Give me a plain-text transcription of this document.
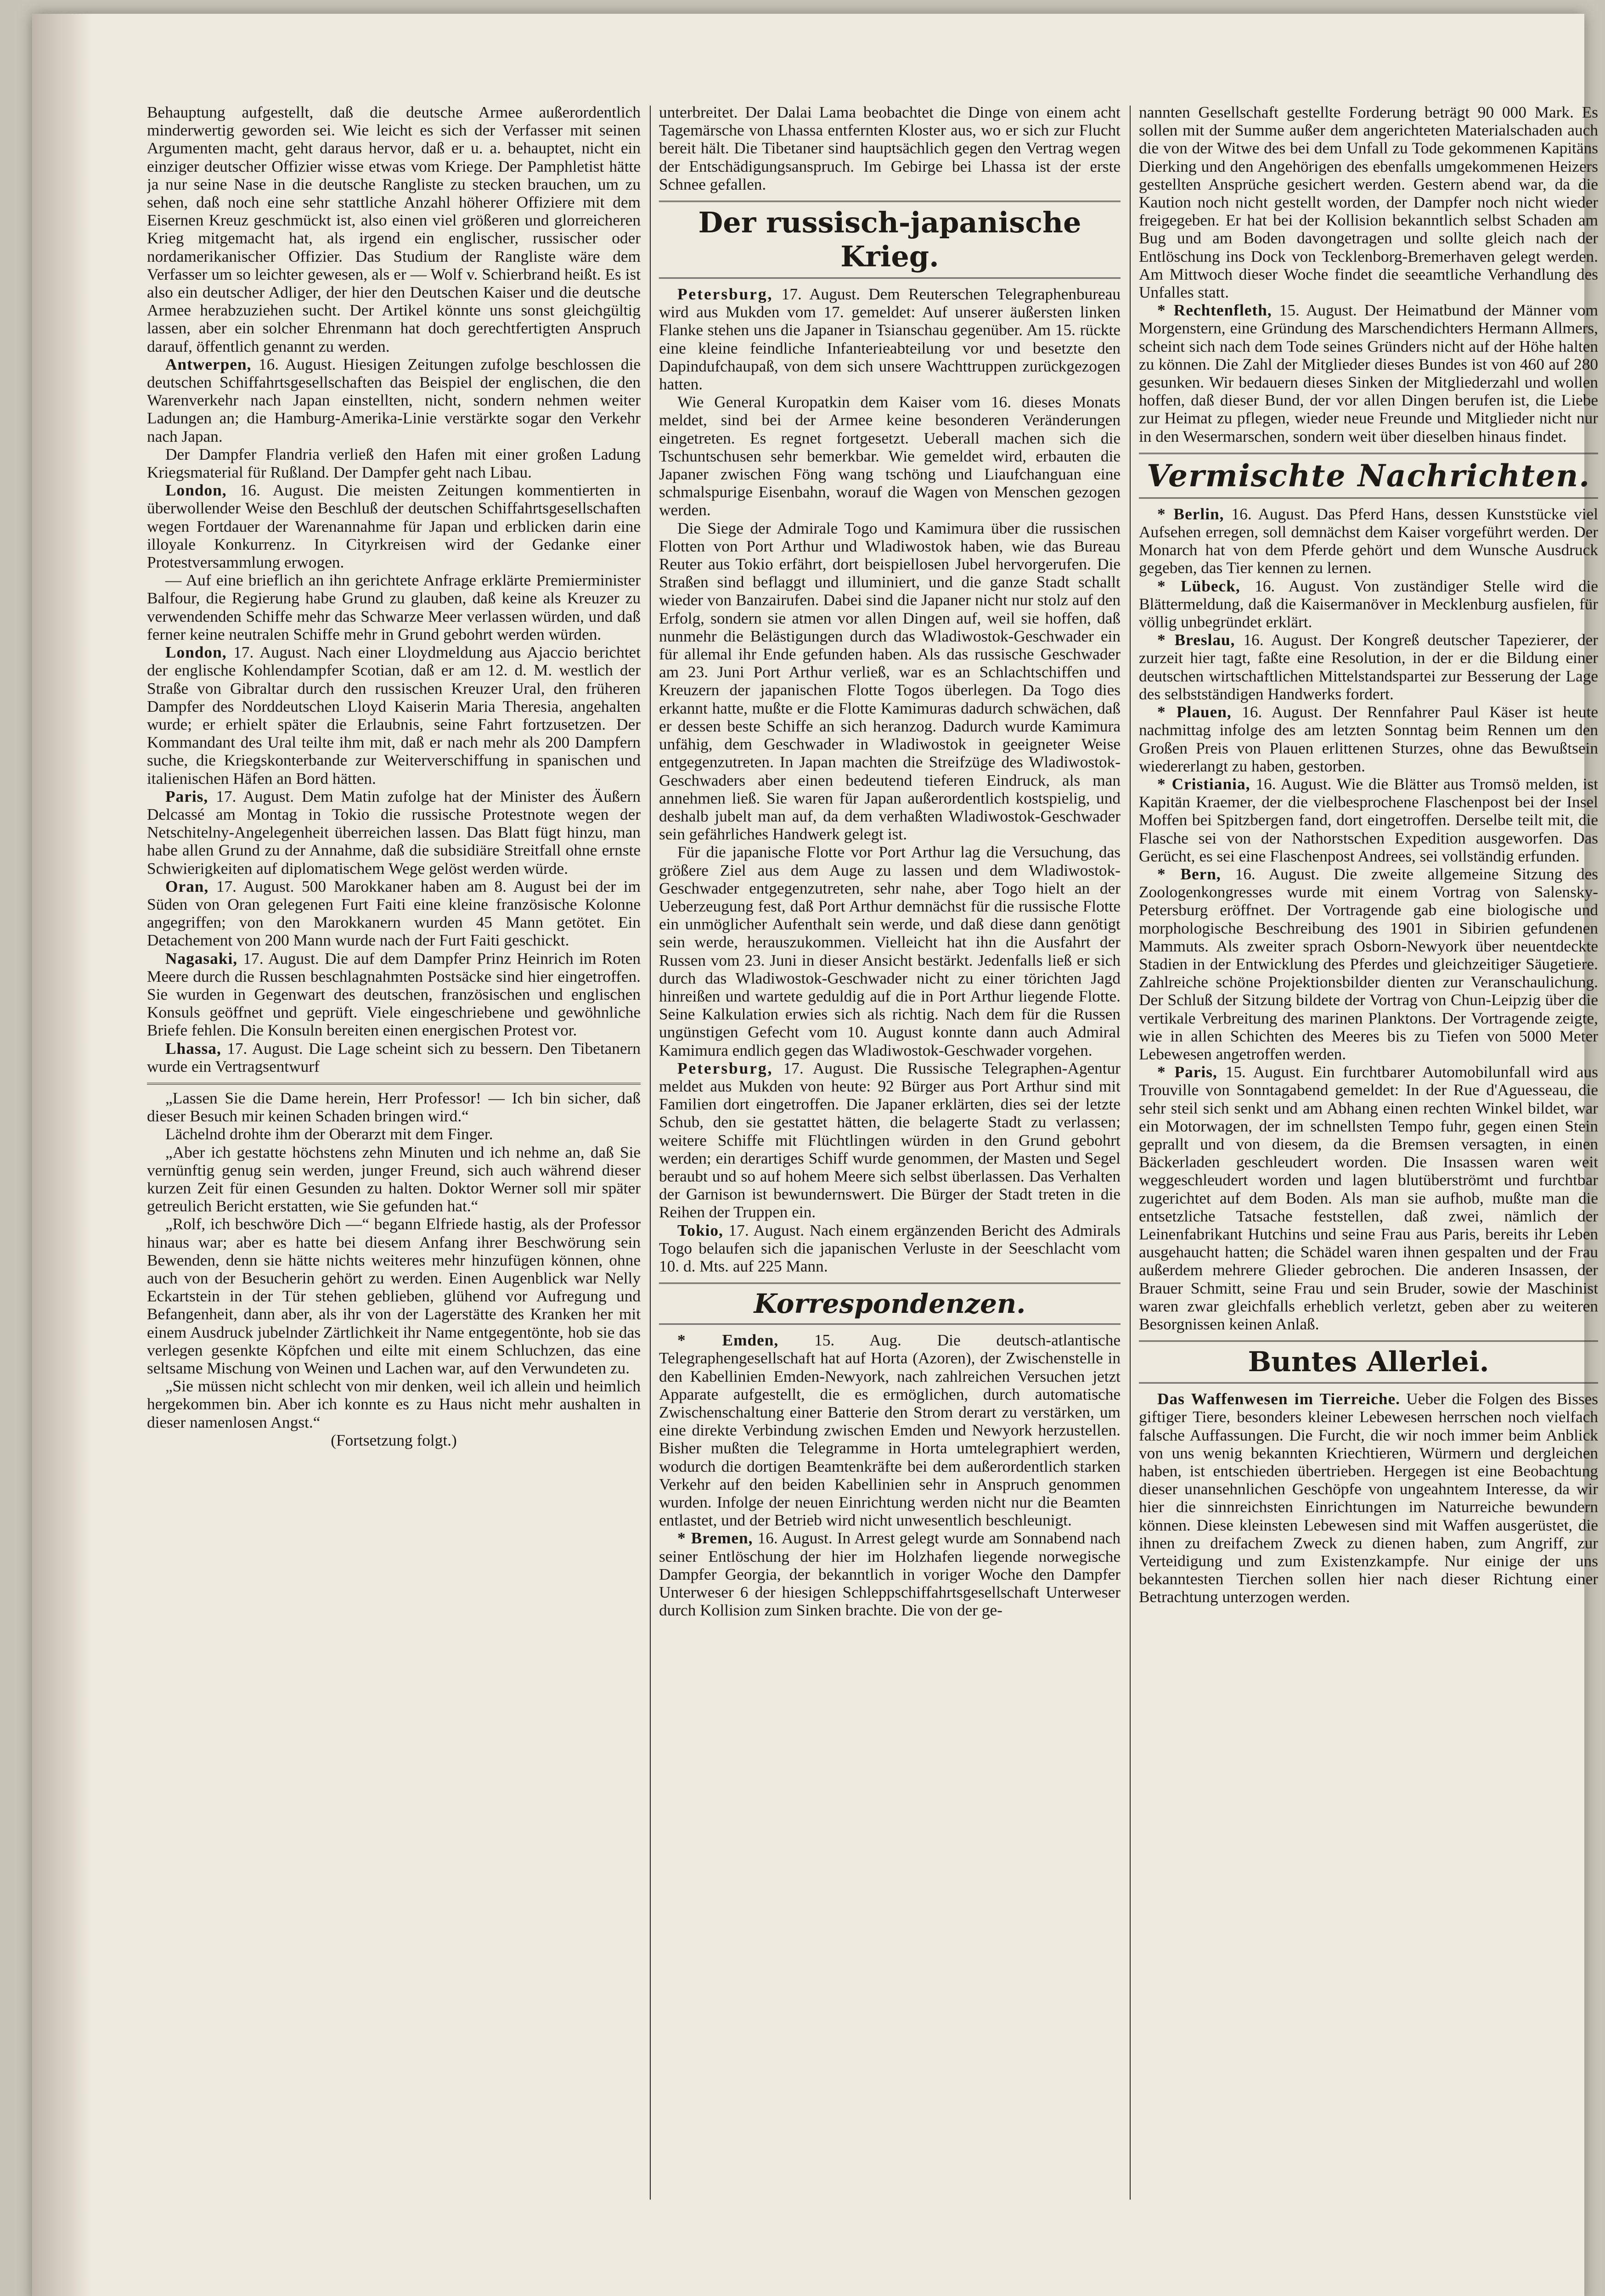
Behauptung aufgestellt, daß die deutsche Armee außerordentlich minderwertig geworden sei. Wie leicht es sich der Verfasser mit seinen Argumenten macht, geht daraus hervor, daß er u. a. behauptet, nicht ein einziger deutscher Offizier wisse etwas vom Kriege. Der Pamphletist hätte ja nur seine Nase in die deutsche Rangliste zu stecken brauchen, um zu sehen, daß noch eine sehr stattliche Anzahl höherer Offiziere mit dem Eisernen Kreuz geschmückt ist, also einen viel größeren und glorreicheren Krieg mitgemacht hat, als irgend ein englischer, russischer oder nordamerikanischer Offizier. Das Studium der Rangliste wäre dem Verfasser um so leichter gewesen, als er — Wolf v. Schierbrand heißt. Es ist also ein deutscher Adliger, der hier den Deutschen Kaiser und die deutsche Armee herabzuziehen sucht. Der Artikel könnte uns sonst gleichgültig lassen, aber ein solcher Ehrenmann hat doch gerechtfertigten Anspruch darauf, öffentlich genannt zu werden.

Antwerpen, 16. August. Hiesigen Zeitungen zufolge beschlossen die deutschen Schiffahrtsgesellschaften das Beispiel der englischen, die den Warenverkehr nach Japan einstellten, nicht, sondern nehmen weiter Ladungen an; die Hamburg-Amerika-Linie verstärkte sogar den Verkehr nach Japan.

Der Dampfer Flandria verließ den Hafen mit einer großen Ladung Kriegsmaterial für Rußland. Der Dampfer geht nach Libau.

London, 16. August. Die meisten Zeitungen kommentierten in überwollender Weise den Beschluß der deutschen Schiffahrtsgesellschaften wegen Fortdauer der Warenannahme für Japan und erblicken darin eine illoyale Konkurrenz. In Cityrkreisen wird der Gedanke einer Protestversammlung erwogen.

— Auf eine brieflich an ihn gerichtete Anfrage erklärte Premierminister Balfour, die Regierung habe Grund zu glauben, daß keine als Kreuzer zu verwendenden Schiffe mehr das Schwarze Meer verlassen würden, und daß ferner keine neutralen Schiffe mehr in Grund gebohrt werden würden.

London, 17. August. Nach einer Lloydmeldung aus Ajaccio berichtet der englische Kohlendampfer Scotian, daß er am 12. d. M. westlich der Straße von Gibraltar durch den russischen Kreuzer Ural, den früheren Dampfer des Norddeutschen Lloyd Kaiserin Maria Theresia, angehalten wurde; er erhielt später die Erlaubnis, seine Fahrt fortzusetzen. Der Kommandant des Ural teilte ihm mit, daß er nach mehr als 200 Dampfern suche, die Kriegskonterbande zur Weiterverschiffung in spanischen und italienischen Häfen an Bord hätten.

Paris, 17. August. Dem Matin zufolge hat der Minister des Äußern Delcassé am Montag in Tokio die russische Protestnote wegen der Netschitelny-Angelegenheit überreichen lassen. Das Blatt fügt hinzu, man habe allen Grund zu der Annahme, daß die subsidiäre Streitfall ohne ernste Schwierigkeiten auf diplomatischem Wege gelöst werden würde.

Oran, 17. August. 500 Marokkaner haben am 8. August bei der im Süden von Oran gelegenen Furt Faiti eine kleine französische Kolonne angegriffen; von den Marokkanern wurden 45 Mann getötet. Ein Detachement von 200 Mann wurde nach der Furt Faiti geschickt.

Nagasaki, 17. August. Die auf dem Dampfer Prinz Heinrich im Roten Meere durch die Russen beschlagnahmten Postsäcke sind hier eingetroffen. Sie wurden in Gegenwart des deutschen, französischen und englischen Konsuls geöffnet und geprüft. Viele eingeschriebene und gewöhnliche Briefe fehlen. Die Konsuln bereiten einen energischen Protest vor.

Lhassa, 17. August. Die Lage scheint sich zu bessern. Den Tibetanern wurde ein Vertragsentwurf

„Lassen Sie die Dame herein, Herr Professor! — Ich bin sicher, daß dieser Besuch mir keinen Schaden bringen wird.“

Lächelnd drohte ihm der Oberarzt mit dem Finger.

„Aber ich gestatte höchstens zehn Minuten und ich nehme an, daß Sie vernünftig genug sein werden, junger Freund, sich auch während dieser kurzen Zeit für einen Gesunden zu halten. Doktor Werner soll mir später getreulich Bericht erstatten, wie Sie gefunden hat.“

„Rolf, ich beschwöre Dich —“ begann Elfriede hastig, als der Professor hinaus war; aber es hatte bei diesem Anfang ihrer Beschwörung sein Bewenden, denn sie hätte nichts weiteres mehr hinzufügen können, ohne auch von der Besucherin gehört zu werden. Einen Augenblick war Nelly Eckartstein in der Tür stehen geblieben, glühend vor Aufregung und Befangenheit, dann aber, als ihr von der Lagerstätte des Kranken her mit einem Ausdruck jubelnder Zärtlichkeit ihr Name entgegentönte, hob sie das verlegen gesenkte Köpfchen und eilte mit einem Schluchzen, das eine seltsame Mischung von Weinen und Lachen war, auf den Verwundeten zu.

„Sie müssen nicht schlecht von mir denken, weil ich allein und heimlich hergekommen bin. Aber ich konnte es zu Haus nicht mehr aushalten in dieser namenlosen Angst.“

(Fortsetzung folgt.)

unterbreitet. Der Dalai Lama beobachtet die Dinge von einem acht Tagemärsche von Lhassa entfernten Kloster aus, wo er sich zur Flucht bereit hält. Die Tibetaner sind hauptsächlich gegen den Vertrag wegen der Entschädigungsanspruch. Im Gebirge bei Lhassa ist der erste Schnee gefallen.

Der russisch-japanische Krieg.

Petersburg, 17. August. Dem Reuterschen Telegraphenbureau wird aus Mukden vom 17. gemeldet: Auf unserer äußersten linken Flanke stehen uns die Japaner in Tsianschau gegenüber. Am 15. rückte eine kleine feindliche Infanterieabteilung vor und besetzte den Dapindufchaupaß, von dem sich unsere Wachttruppen zurückgezogen hatten.

Wie General Kuropatkin dem Kaiser vom 16. dieses Monats meldet, sind bei der Armee keine besonderen Veränderungen eingetreten. Es regnet fortgesetzt. Ueberall machen sich die Tschuntschusen sehr bemerkbar. Wie gemeldet wird, erbauten die Japaner zwischen Föng wang tschöng und Liaufchanguan eine schmalspurige Eisenbahn, worauf die Wagen von Menschen gezogen werden.

Die Siege der Admirale Togo und Kamimura über die russischen Flotten von Port Arthur und Wladiwostok haben, wie das Bureau Reuter aus Tokio erfährt, dort beispiellosen Jubel hervorgerufen. Die Straßen sind beflaggt und illuminiert, und die ganze Stadt schallt wieder von Banzairufen. Dabei sind die Japaner nicht nur stolz auf den Erfolg, sondern sie atmen vor allen Dingen auf, weil sie hoffen, daß nunmehr die Belästigungen durch das Wladiwostok-Geschwader ein für allemal ihr Ende gefunden haben. Als das russische Geschwader am 23. Juni Port Arthur verließ, war es an Schlachtschiffen und Kreuzern der japanischen Flotte Togos überlegen. Da Togo dies erkannt hatte, mußte er die Flotte Kamimuras dadurch schwächen, daß er dessen beste Schiffe an sich heranzog. Dadurch wurde Kamimura unfähig, dem Geschwader in Wladiwostok in geeigneter Weise entgegenzutreten. In Japan machten die Streifzüge des Wladiwostok-Geschwaders aber einen bedeutend tieferen Eindruck, als man annehmen ließ. Sie waren für Japan außerordentlich kostspielig, und deshalb jubelt man auf, da dem verhaßten Wladiwostok-Geschwader sein gefährliches Handwerk gelegt ist.

Für die japanische Flotte vor Port Arthur lag die Versuchung, das größere Ziel aus dem Auge zu lassen und dem Wladiwostok-Geschwader entgegenzutreten, sehr nahe, aber Togo hielt an der Ueberzeugung fest, daß Port Arthur demnächst für die russische Flotte ein unmöglicher Aufenthalt sein werde, und daß diese dann genötigt sein werde, herauszukommen. Vielleicht hat ihn die Ausfahrt der Russen vom 23. Juni in dieser Ansicht bestärkt. Jedenfalls ließ er sich durch das Wladiwostok-Geschwader nicht zu einer törichten Jagd hinreißen und wartete geduldig auf die in Port Arthur liegende Flotte. Seine Kalkulation erwies sich als richtig. Nach dem für die Russen ungünstigen Gefecht vom 10. August konnte dann auch Admiral Kamimura endlich gegen das Wladiwostok-Geschwader vorgehen.

Petersburg, 17. August. Die Russische Telegraphen-Agentur meldet aus Mukden von heute: 92 Bürger aus Port Arthur sind mit Familien dort eingetroffen. Die Japaner erklärten, dies sei der letzte Schub, den sie gestattet hätten, die belagerte Stadt zu verlassen; weitere Schiffe mit Flüchtlingen würden in den Grund gebohrt werden; ein derartiges Schiff wurde genommen, der Masten und Segel beraubt und so auf hohem Meere sich selbst überlassen. Das Verhalten der Garnison ist bewundernswert. Die Bürger der Stadt treten in die Reihen der Truppen ein.

Tokio, 17. August. Nach einem ergänzenden Bericht des Admirals Togo belaufen sich die japanischen Verluste in der Seeschlacht vom 10. d. Mts. auf 225 Mann.

Korrespondenzen.

* Emden, 15. Aug. Die deutsch-atlantische Telegraphengesellschaft hat auf Horta (Azoren), der Zwischenstelle in den Kabellinien Emden-Newyork, nach zahlreichen Versuchen jetzt Apparate aufgestellt, die es ermöglichen, durch automatische Zwischenschaltung einer Batterie den Strom derart zu verstärken, um eine direkte Verbindung zwischen Emden und Newyork herzustellen. Bisher mußten die Telegramme in Horta umtelegraphiert werden, wodurch die dortigen Beamtenkräfte bei dem außerordentlich starken Verkehr auf den beiden Kabellinien sehr in Anspruch genommen wurden. Infolge der neuen Einrichtung werden nicht nur die Beamten entlastet, und der Betrieb wird nicht unwesentlich beschleunigt.

* Bremen, 16. August. In Arrest gelegt wurde am Sonnabend nach seiner Entlöschung der hier im Holzhafen liegende norwegische Dampfer Georgia, der bekanntlich in voriger Woche den Dampfer Unterweser 6 der hiesigen Schleppschiffahrtsgesellschaft Unterweser durch Kollision zum Sinken brachte. Die von der ge-

nannten Gesellschaft gestellte Forderung beträgt 90 000 Mark. Es sollen mit der Summe außer dem angerichteten Materialschaden auch die von der Witwe des bei dem Unfall zu Tode gekommenen Kapitäns Dierking und den Angehörigen des ebenfalls umgekommenen Heizers gestellten Ansprüche gesichert werden. Gestern abend war, da die Kaution noch nicht gestellt worden, der Dampfer noch nicht wieder freigegeben. Er hat bei der Kollision bekanntlich selbst Schaden am Bug und am Boden davongetragen und sollte gleich nach der Entlöschung ins Dock von Tecklenborg-Bremerhaven gelegt werden. Am Mittwoch dieser Woche findet die seeamtliche Verhandlung des Unfalles statt.

* Rechtenfleth, 15. August. Der Heimatbund der Männer vom Morgenstern, eine Gründung des Marschendichters Hermann Allmers, scheint sich nach dem Tode seines Gründers nicht auf der Höhe halten zu können. Die Zahl der Mitglieder dieses Bundes ist von 460 auf 280 gesunken. Wir bedauern dieses Sinken der Mitgliederzahl und wollen hoffen, daß dieser Bund, der vor allen Dingen berufen ist, die Liebe zur Heimat zu pflegen, wieder neue Freunde und Mitglieder nicht nur in den Wesermarschen, sondern weit über dieselben hinaus findet.

Vermischte Nachrichten.

* Berlin, 16. August. Das Pferd Hans, dessen Kunststücke viel Aufsehen erregen, soll demnächst dem Kaiser vorgeführt werden. Der Monarch hat von dem Pferde gehört und dem Wunsche Ausdruck gegeben, das Tier kennen zu lernen.

* Lübeck, 16. August. Von zuständiger Stelle wird die Blättermeldung, daß die Kaisermanöver in Mecklenburg ausfielen, für völlig unbegründet erklärt.

* Breslau, 16. August. Der Kongreß deutscher Tapezierer, der zurzeit hier tagt, faßte eine Resolution, in der er die Bildung einer deutschen wirtschaftlichen Mittelstandspartei zur Besserung der Lage des selbstständigen Handwerks fordert.

* Plauen, 16. August. Der Rennfahrer Paul Käser ist heute nachmittag infolge des am letzten Sonntag beim Rennen um den Großen Preis von Plauen erlittenen Sturzes, ohne das Bewußtsein wiedererlangt zu haben, gestorben.

* Cristiania, 16. August. Wie die Blätter aus Tromsö melden, ist Kapitän Kraemer, der die vielbesprochene Flaschenpost bei der Insel Moffen bei Spitzbergen fand, dort eingetroffen. Derselbe teilt mit, die Flasche sei von der Nathorstschen Expedition ausgeworfen. Das Gerücht, es sei eine Flaschenpost Andrees, sei vollständig erfunden.

* Bern, 16. August. Die zweite allgemeine Sitzung des Zoologenkongresses wurde mit einem Vortrag von Salensky-Petersburg eröffnet. Der Vortragende gab eine biologische und morphologische Beschreibung des 1901 in Sibirien gefundenen Mammuts. Als zweiter sprach Osborn-Newyork über neuentdeckte Stadien in der Entwicklung des Pferdes und gleichzeitiger Säugetiere. Zahlreiche schöne Projektionsbilder dienten zur Veranschaulichung. Der Schluß der Sitzung bildete der Vortrag von Chun-Leipzig über die vertikale Verbreitung des marinen Planktons. Der Vortragende zeigte, wie in allen Schichten des Meeres bis zu Tiefen von 5000 Meter Lebewesen angetroffen werden.

* Paris, 15. August. Ein furchtbarer Automobilunfall wird aus Trouville von Sonntagabend gemeldet: In der Rue d'Aguesseau, die sehr steil sich senkt und am Abhang einen rechten Winkel bildet, war ein Motorwagen, der im schnellsten Tempo fuhr, gegen einen Stein geprallt und von diesem, da die Bremsen versagten, in einen Bäckerladen geschleudert worden. Die Insassen waren weit weggeschleudert worden und lagen blutüberströmt und furchtbar zugerichtet auf dem Boden. Als man sie aufhob, mußte man die entsetzliche Tatsache feststellen, daß zwei, nämlich der Leinenfabrikant Hutchins und seine Frau aus Paris, bereits ihr Leben ausgehaucht hatten; die Schädel waren ihnen gespalten und der Frau außerdem mehrere Glieder gebrochen. Die anderen Insassen, der Brauer Schmitt, seine Frau und sein Bruder, sowie der Maschinist waren zwar gleichfalls erheblich verletzt, geben aber zu weiteren Besorgnissen keinen Anlaß.

Buntes Allerlei.

Das Waffenwesen im Tierreiche. Ueber die Folgen des Bisses giftiger Tiere, besonders kleiner Lebewesen herrschen noch vielfach falsche Auffassungen. Die Furcht, die wir noch immer beim Anblick von uns wenig bekannten Kriechtieren, Würmern und dergleichen haben, ist entschieden übertrieben. Hergegen ist eine Beobachtung dieser unansehnlichen Geschöpfe von ungeahntem Interesse, da wir hier die sinnreichsten Einrichtungen im Naturreiche bewundern können. Diese kleinsten Lebewesen sind mit Waffen ausgerüstet, die ihnen zu dreifachem Zweck zu dienen haben, zum Angriff, zur Verteidigung und zum Existenzkampfe. Nur einige der uns bekanntesten Tierchen sollen hier nach dieser Richtung einer Betrachtung unterzogen werden.
